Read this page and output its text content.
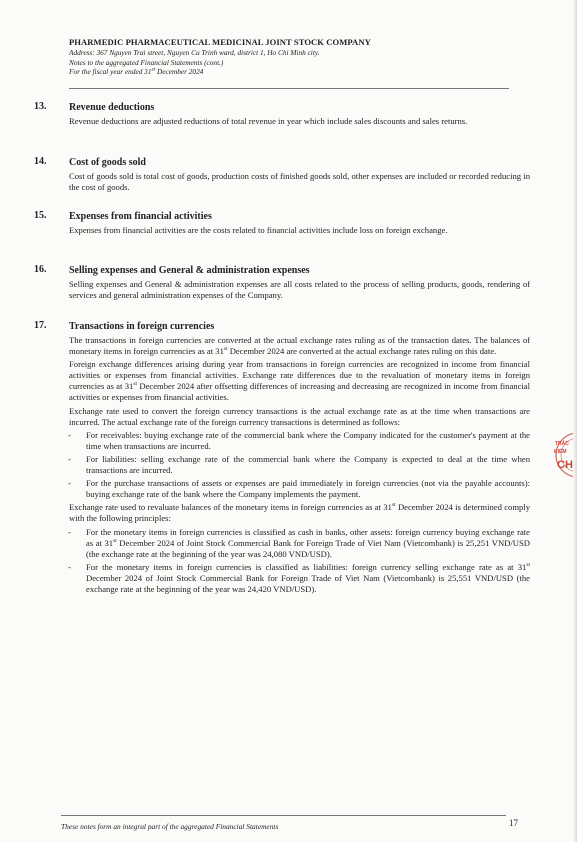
PHARMEDIC PHARMACEUTICAL MEDICINAL JOINT STOCK COMPANY
Address: 367 Nguyen Trai street, Nguyen Cu Trinh ward, district 1, Ho Chi Minh city.
Notes to the aggregated Financial Statements (cont.)
For the fiscal year ended 31st December 2024
13. Revenue deductions
Revenue deductions are adjusted reductions of total revenue in year which include sales discounts and sales returns.
14. Cost of goods sold
Cost of goods sold is total cost of goods, production costs of finished goods sold, other expenses are included or recorded reducing in the cost of goods.
15. Expenses from financial activities
Expenses from financial activities are the costs related to financial activities include loss on foreign exchange.
16. Selling expenses and General & administration expenses
Selling expenses and General & administration expenses are all costs related to the process of selling products, goods, rendering of services and general administration expenses of the Company.
17. Transactions in foreign currencies
The transactions in foreign currencies are converted at the actual exchange rates ruling as of the transaction dates. The balances of monetary items in foreign currencies as at 31st December 2024 are converted at the actual exchange rates ruling on this date.
Foreign exchange differences arising during year from transactions in foreign currencies are recognized in income from financial activities or expenses from financial activities. Exchange rate differences due to the revaluation of monetary items in foreign currencies as at 31st December 2024 after offsetting differences of increasing and decreasing are recognized in income from financial activities or expenses from financial activities.
Exchange rate used to convert the foreign currency transactions is the actual exchange rate as at the time when transactions are incurred. The actual exchange rate of the foreign currency transactions is determined as follows:
- For receivables: buying exchange rate of the commercial bank where the Company indicated for the customer's payment at the time when transactions are incurred.
- For liabilities: selling exchange rate of the commercial bank where the Company is expected to deal at the time when transactions are incurred.
- For the purchase transactions of assets or expenses are paid immediately in foreign currencies (not via the payable accounts): buying exchange rate of the bank where the Company implements the payment.
Exchange rate used to revaluate balances of the monetary items in foreign currencies as at 31st December 2024 is determined comply with the following principles:
- For the monetary items in foreign currencies is classified as cash in banks, other assets: foreign currency buying exchange rate as at 31st December 2024 of Joint Stock Commercial Bank for Foreign Trade of Viet Nam (Vietcombank) is 25,251 VND/USD (the exchange rate at the beginning of the year was 24,080 VND/USD).
- For the monetary items in foreign currencies is classified as liabilities: foreign currency selling exchange rate as at 31st December 2024 of Joint Stock Commercial Bank for Foreign Trade of Viet Nam (Vietcombank) is 25,551 VND/USD (the exchange rate at the beginning of the year was 24,420 VND/USD).
TRÁC
KIỂM
CH
These notes form an integral part of the aggregated Financial Statements	17
